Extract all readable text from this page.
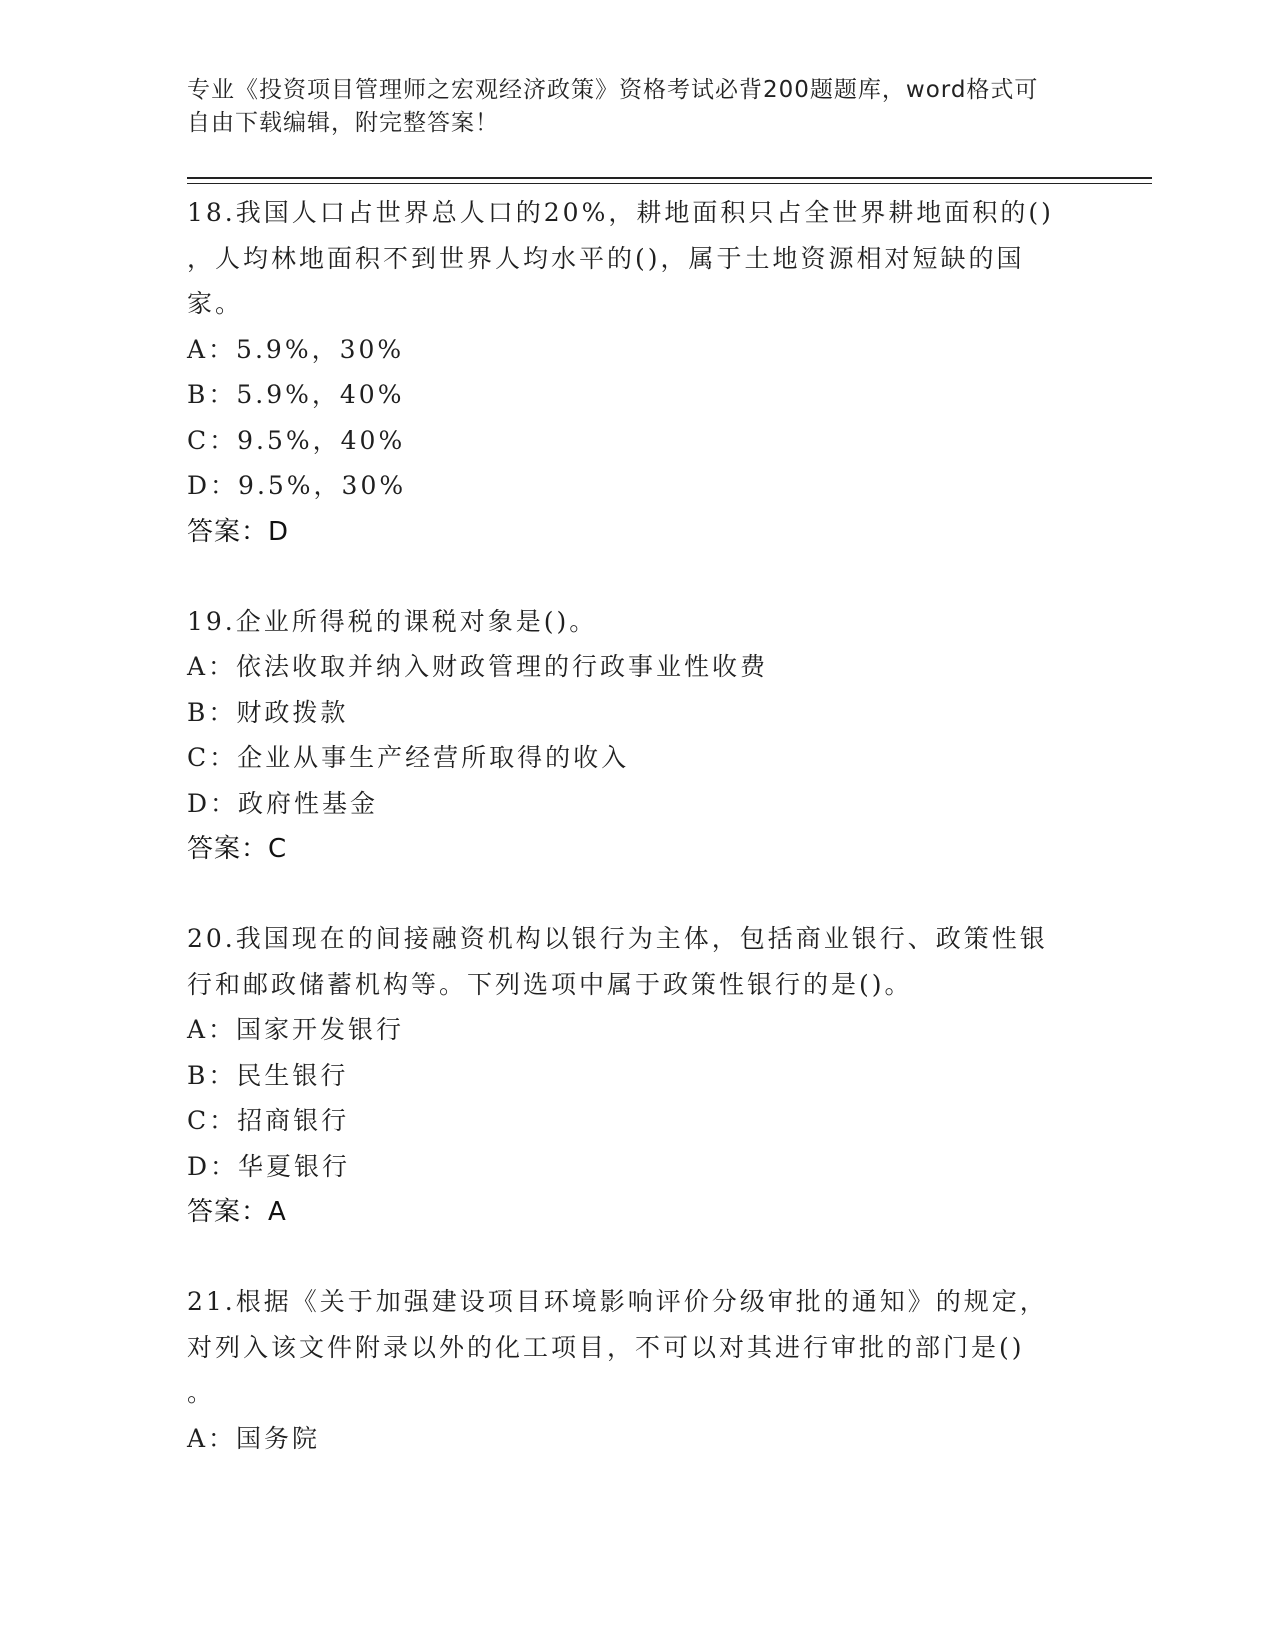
专业《投资项目管理师之宏观经济政策》资格考试必背200题题库，word格式可
自由下载编辑，附完整答案！
18.我国人口占世界总人口的20%，耕地面积只占全世界耕地面积的()
，人均林地面积不到世界人均水平的()，属于土地资源相对短缺的国
家。
A：5.9%，30%
B：5.9%，40%
C：9.5%，40%
D：9.5%，30%
答案：D
19.企业所得税的课税对象是()。
A：依法收取并纳入财政管理的行政事业性收费
B：财政拨款
C：企业从事生产经营所取得的收入
D：政府性基金
答案：C
20.我国现在的间接融资机构以银行为主体，包括商业银行、政策性银
行和邮政储蓄机构等。下列选项中属于政策性银行的是()。
A：国家开发银行
B：民生银行
C：招商银行
D：华夏银行
答案：A
21.根据《关于加强建设项目环境影响评价分级审批的通知》的规定，
对列入该文件附录以外的化工项目，不可以对其进行审批的部门是()
。
A：国务院
